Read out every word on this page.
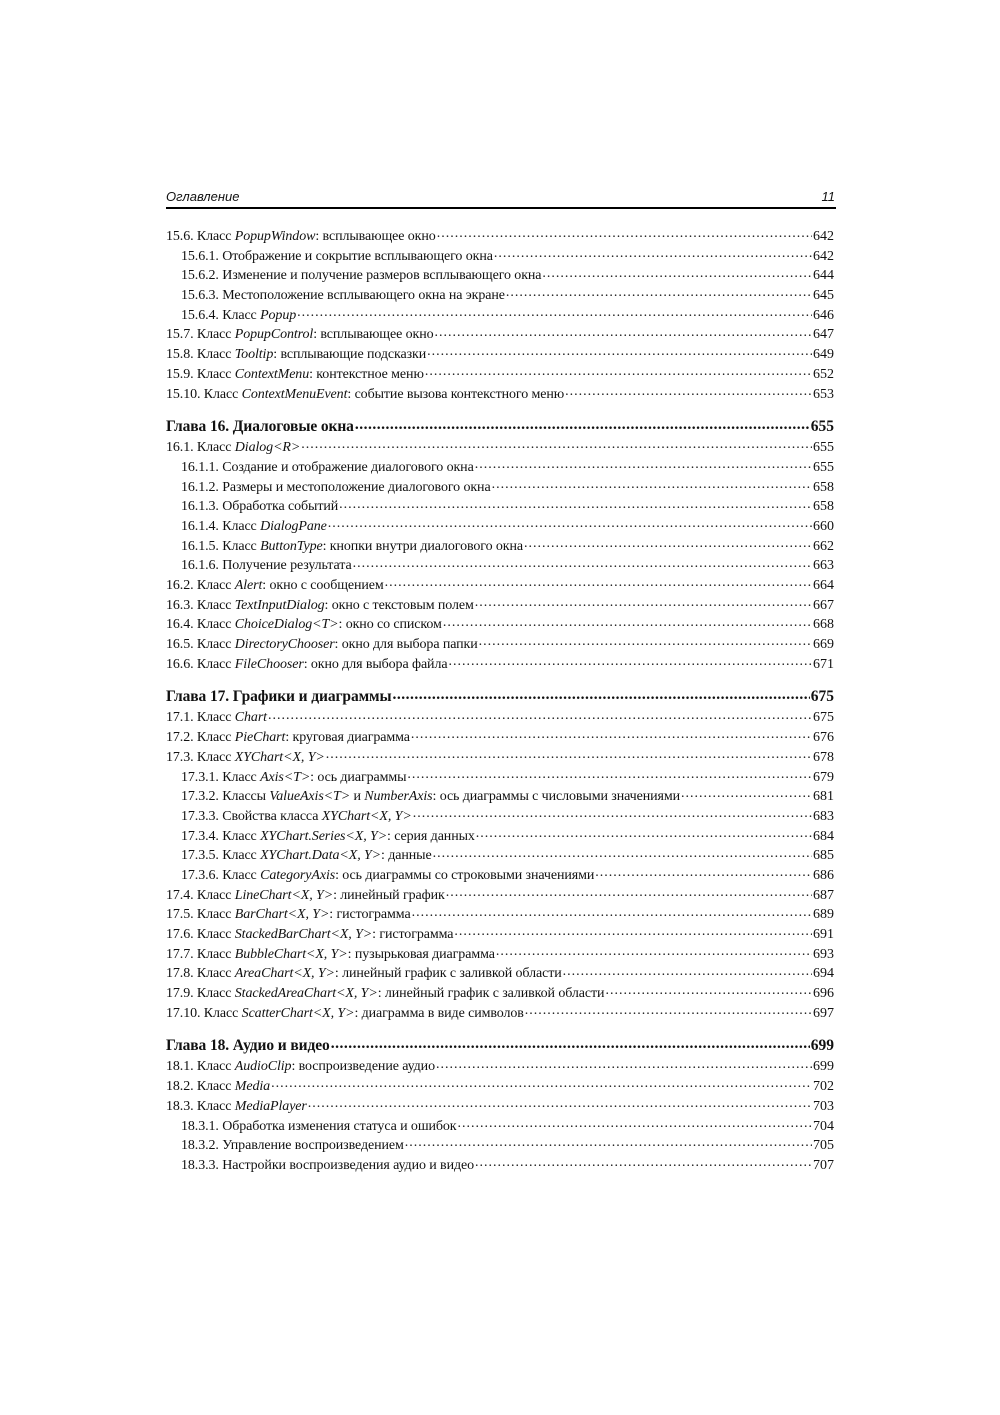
Оглавление	11
15.6. Класс PopupWindow: всплывающее окно .....	642
15.6.1. Отображение и сокрытие всплывающего окна .....	642
15.6.2. Изменение и получение размеров всплывающего окна .....	644
15.6.3. Местоположение всплывающего окна на экране .....	645
15.6.4. Класс Popup .....	646
15.7. Класс PopupControl: всплывающее окно .....	647
15.8. Класс Tooltip: всплывающие подсказки .....	649
15.9. Класс ContextMenu: контекстное меню .....	652
15.10. Класс ContextMenuEvent: событие вызова контекстного меню .....	653
Глава 16. Диалоговые окна .....	655
16.1. Класс Dialog<R> .....	655
16.1.1. Создание и отображение диалогового окна .....	655
16.1.2. Размеры и местоположение диалогового окна .....	658
16.1.3. Обработка событий .....	658
16.1.4. Класс DialogPane .....	660
16.1.5. Класс ButtonType: кнопки внутри диалогового окна .....	662
16.1.6. Получение результата .....	663
16.2. Класс Alert: окно с сообщением .....	664
16.3. Класс TextInputDialog: окно с текстовым полем .....	667
16.4. Класс ChoiceDialog<T>: окно со списком .....	668
16.5. Класс DirectoryChooser: окно для выбора папки .....	669
16.6. Класс FileChooser: окно для выбора файла .....	671
Глава 17. Графики и диаграммы .....	675
17.1. Класс Chart .....	675
17.2. Класс PieChart: круговая диаграмма .....	676
17.3. Класс XYChart<X, Y> .....	678
17.3.1. Класс Axis<T>: ось диаграммы .....	679
17.3.2. Классы ValueAxis<T> и NumberAxis: ось диаграммы с числовыми значениями .....	681
17.3.3. Свойства класса XYChart<X, Y> .....	683
17.3.4. Класс XYChart.Series<X, Y>: серия данных .....	684
17.3.5. Класс XYChart.Data<X, Y>: данные .....	685
17.3.6. Класс CategoryAxis: ось диаграммы со строковыми значениями .....	686
17.4. Класс LineChart<X, Y>: линейный график .....	687
17.5. Класс BarChart<X, Y>: гистограмма .....	689
17.6. Класс StackedBarChart<X, Y>: гистограмма .....	691
17.7. Класс BubbleChart<X, Y>: пузырьковая диаграмма .....	693
17.8. Класс AreaChart<X, Y>: линейный график с заливкой области .....	694
17.9. Класс StackedAreaChart<X, Y>: линейный график с заливкой области .....	696
17.10. Класс ScatterChart<X, Y>: диаграмма в виде символов .....	697
Глава 18. Аудио и видео .....	699
18.1. Класс AudioClip: воспроизведение аудио .....	699
18.2. Класс Media .....	702
18.3. Класс MediaPlayer .....	703
18.3.1. Обработка изменения статуса и ошибок .....	704
18.3.2. Управление воспроизведением .....	705
18.3.3. Настройки воспроизведения аудио и видео .....	707
